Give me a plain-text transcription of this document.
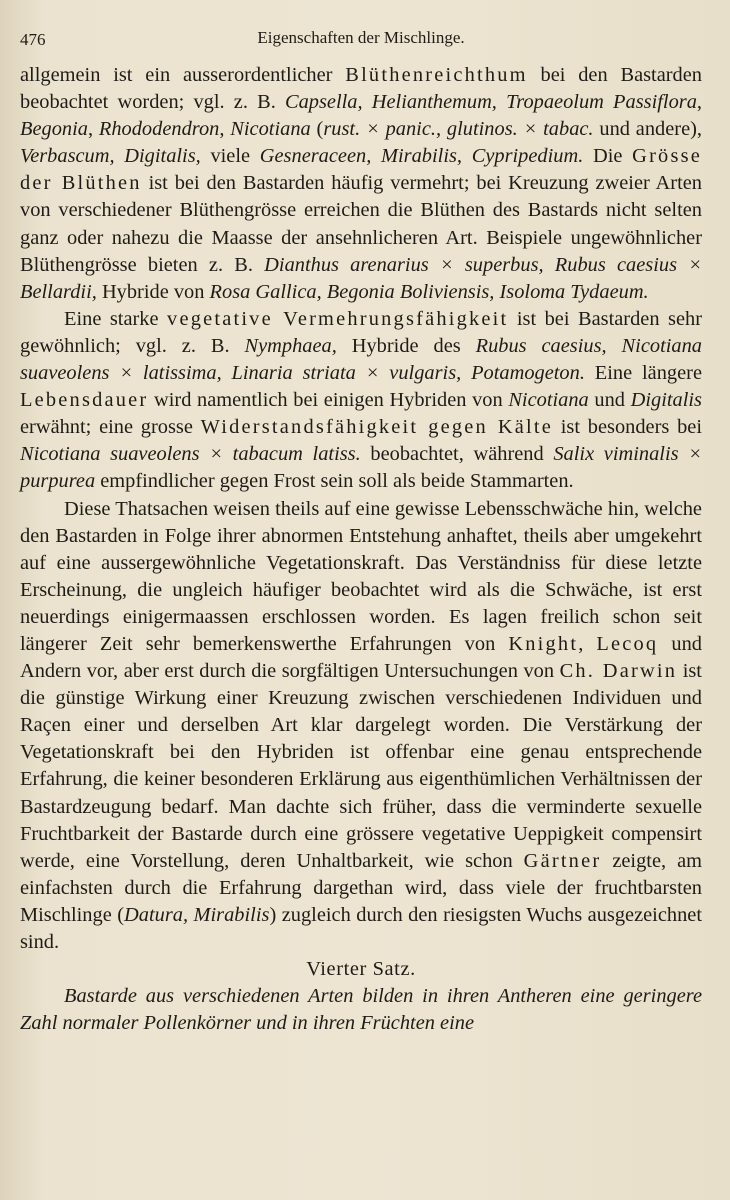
476	Eigenschaften der Mischlinge.

allgemein ist ein ausserordentlicher Blüthenreichthum bei den Bastarden beobachtet worden; vgl. z. B. Capsella, Helianthemum, Tropaeolum Passiflora, Begonia, Rhododendron, Nicotiana (rust. × panic., glutinos. × tabac. und andere), Verbascum, Digitalis, viele Gesneraceen, Mirabilis, Cypripedium. Die Grösse der Blüthen ist bei den Bastarden häufig vermehrt; bei Kreuzung zweier Arten von verschiedener Blüthengrösse erreichen die Blüthen des Bastards nicht selten ganz oder nahezu die Maasse der ansehnlicheren Art. Beispiele ungewöhnlicher Blüthengrösse bieten z. B. Dianthus arenarius × superbus, Rubus caesius × Bellardii, Hybride von Rosa Gallica, Begonia Boliviensis, Isoloma Tydaeum.

Eine starke vegetative Vermehrungsfähigkeit ist bei Bastarden sehr gewöhnlich; vgl. z. B. Nymphaea, Hybride des Rubus caesius, Nicotiana suaveolens × latissima, Linaria striata × vulgaris, Potamogeton. Eine längere Lebensdauer wird namentlich bei einigen Hybriden von Nicotiana und Digitalis erwähnt; eine grosse Widerstandsfähigkeit gegen Kälte ist besonders bei Nicotiana suaveolens × tabacum latiss. beobachtet, während Salix viminalis × purpurea empfindlicher gegen Frost sein soll als beide Stammarten.

Diese Thatsachen weisen theils auf eine gewisse Lebensschwäche hin, welche den Bastarden in Folge ihrer abnormen Entstehung anhaftet, theils aber umgekehrt auf eine aussergewöhnliche Vegetationskraft. Das Verständniss für diese letzte Erscheinung, die ungleich häufiger beobachtet wird als die Schwäche, ist erst neuerdings einigermaassen erschlossen worden. Es lagen freilich schon seit längerer Zeit sehr bemerkenswerthe Erfahrungen von Knight, Lecoq und Andern vor, aber erst durch die sorgfältigen Untersuchungen von Ch. Darwin ist die günstige Wirkung einer Kreuzung zwischen verschiedenen Individuen und Raçen einer und derselben Art klar dargelegt worden. Die Verstärkung der Vegetationskraft bei den Hybriden ist offenbar eine genau entsprechende Erfahrung, die keiner besonderen Erklärung aus eigenthümlichen Verhältnissen der Bastardzeugung bedarf. Man dachte sich früher, dass die verminderte sexuelle Fruchtbarkeit der Bastarde durch eine grössere vegetative Ueppigkeit compensirt werde, eine Vorstellung, deren Unhaltbarkeit, wie schon Gärtner zeigte, am einfachsten durch die Erfahrung dargethan wird, dass viele der fruchtbarsten Mischlinge (Datura, Mirabilis) zugleich durch den riesigsten Wuchs ausgezeichnet sind.

Vierter Satz.

Bastarde aus verschiedenen Arten bilden in ihren Antheren eine geringere Zahl normaler Pollenkörner und in ihren Früchten eine
